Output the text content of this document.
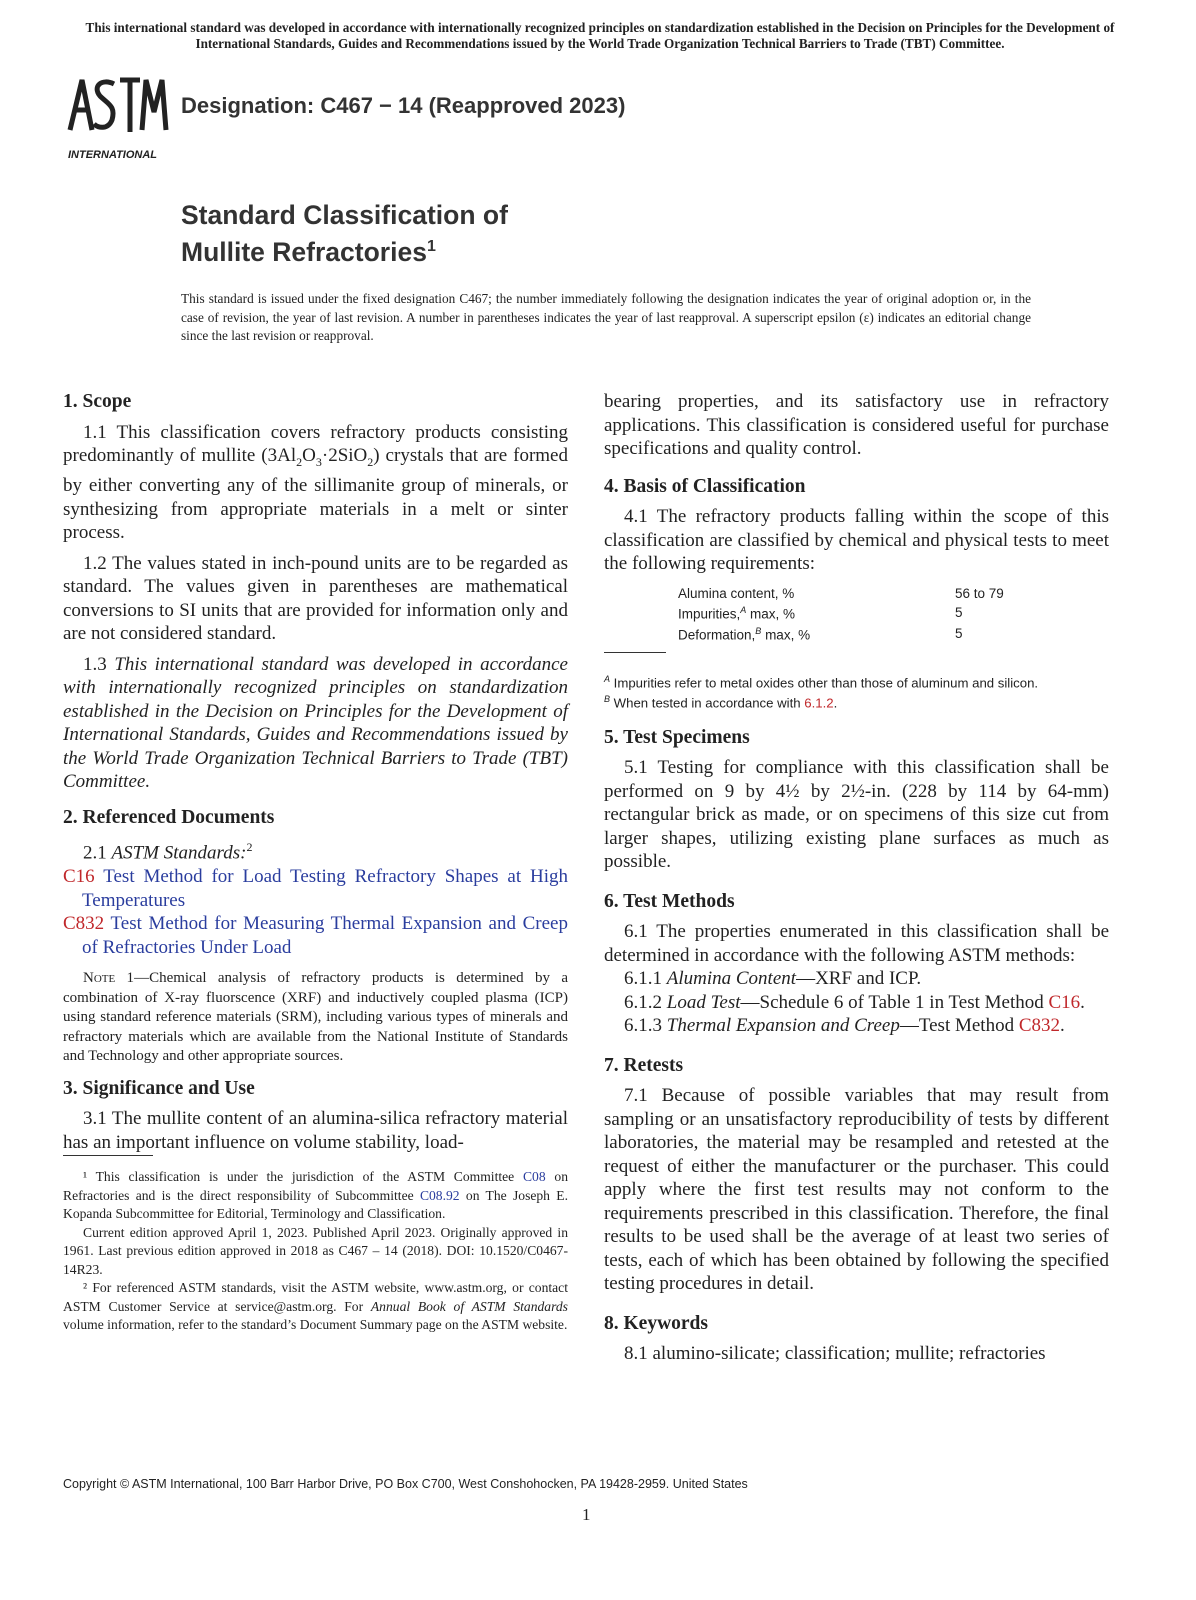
This international standard was developed in accordance with internationally recognized principles on standardization established in the Decision on Principles for the Development of International Standards, Guides and Recommendations issued by the World Trade Organization Technical Barriers to Trade (TBT) Committee.
INTERNATIONAL
Designation: C467 − 14 (Reapproved 2023)
Standard Classification of
Mullite Refractories$^1$
This standard is issued under the fixed designation C467; the number immediately following the designation indicates the year of original adoption or, in the case of revision, the year of last revision. A number in parentheses indicates the year of last reapproval. A superscript epsilon (ε) indicates an editorial change since the last revision or reapproval.
1. Scope

1.1 This classification covers refractory products consisting predominantly of mullite $(3Al_2O_3\cdot 2SiO_2)$ crystals that are formed by either converting any of the sillimanite group of minerals, or synthesizing from appropriate materials in a melt or sinter process.

1.2 The values stated in inch-pound units are to be regarded as standard. The values given in parentheses are mathematical conversions to SI units that are provided for information only and are not considered standard.

1.3 This international standard was developed in accordance with internationally recognized principles on standardization established in the Decision on Principles for the Development of International Standards, Guides and Recommendations issued by the World Trade Organization Technical Barriers to Trade (TBT) Committee.

2. Referenced Documents

2.1 ASTM Standards:$^2$

C16 Test Method for Load Testing Refractory Shapes at High Temperatures

C832 Test Method for Measuring Thermal Expansion and Creep of Refractories Under Load

Note 1—Chemical analysis of refractory products is determined by a combination of X-ray fluorscence (XRF) and inductively coupled plasma (ICP) using standard reference materials (SRM), including various types of minerals and refractory materials which are available from the National Institute of Standards and Technology and other appropriate sources.

3. Significance and Use

3.1 The mullite content of an alumina-silica refractory material has an important influence on volume stability, load-

¹ This classification is under the jurisdiction of the ASTM Committee C08 on Refractories and is the direct responsibility of Subcommittee C08.92 on The Joseph E. Kopanda Subcommittee for Editorial, Terminology and Classification.

Current edition approved April 1, 2023. Published April 2023. Originally approved in 1961. Last previous edition approved in 2018 as C467 – 14 (2018). DOI: 10.1520/C0467-14R23.

² For referenced ASTM standards, visit the ASTM website, www.astm.org, or contact ASTM Customer Service at service@astm.org. For Annual Book of ASTM Standards volume information, refer to the standard’s Document Summary page on the ASTM website.

bearing properties, and its satisfactory use in refractory applications. This classification is considered useful for purchase specifications and quality control.

4. Basis of Classification

4.1 The refractory products falling within the scope of this classification are classified by chemical and physical tests to meet the following requirements:

Alumina content, %	56 to 79
Impurities,$^A$ max, %	5
Deformation,$^B$ max, %	5
$^A$ Impurities refer to metal oxides other than those of aluminum and silicon.
$^B$ When tested in accordance with 6.1.2.
5. Test Specimens

5.1 Testing for compliance with this classification shall be performed on 9 by 4½ by 2½-in. (228 by 114 by 64-mm) rectangular brick as made, or on specimens of this size cut from larger shapes, utilizing existing plane surfaces as much as possible.

6. Test Methods

6.1 The properties enumerated in this classification shall be determined in accordance with the following ASTM methods:

6.1.1 Alumina Content—XRF and ICP.

6.1.2 Load Test—Schedule 6 of Table 1 in Test Method C16.

6.1.3 Thermal Expansion and Creep—Test Method C832.

7. Retests

7.1 Because of possible variables that may result from sampling or an unsatisfactory reproducibility of tests by different laboratories, the material may be resampled and retested at the request of either the manufacturer or the purchaser. This could apply where the first test results may not conform to the requirements prescribed in this classification. Therefore, the final results to be used shall be the average of at least two series of tests, each of which has been obtained by following the specified testing procedures in detail.

8. Keywords

8.1 alumino-silicate; classification; mullite; refractories

Copyright © ASTM International, 100 Barr Harbor Drive, PO Box C700, West Conshohocken, PA 19428-2959. United States
1
